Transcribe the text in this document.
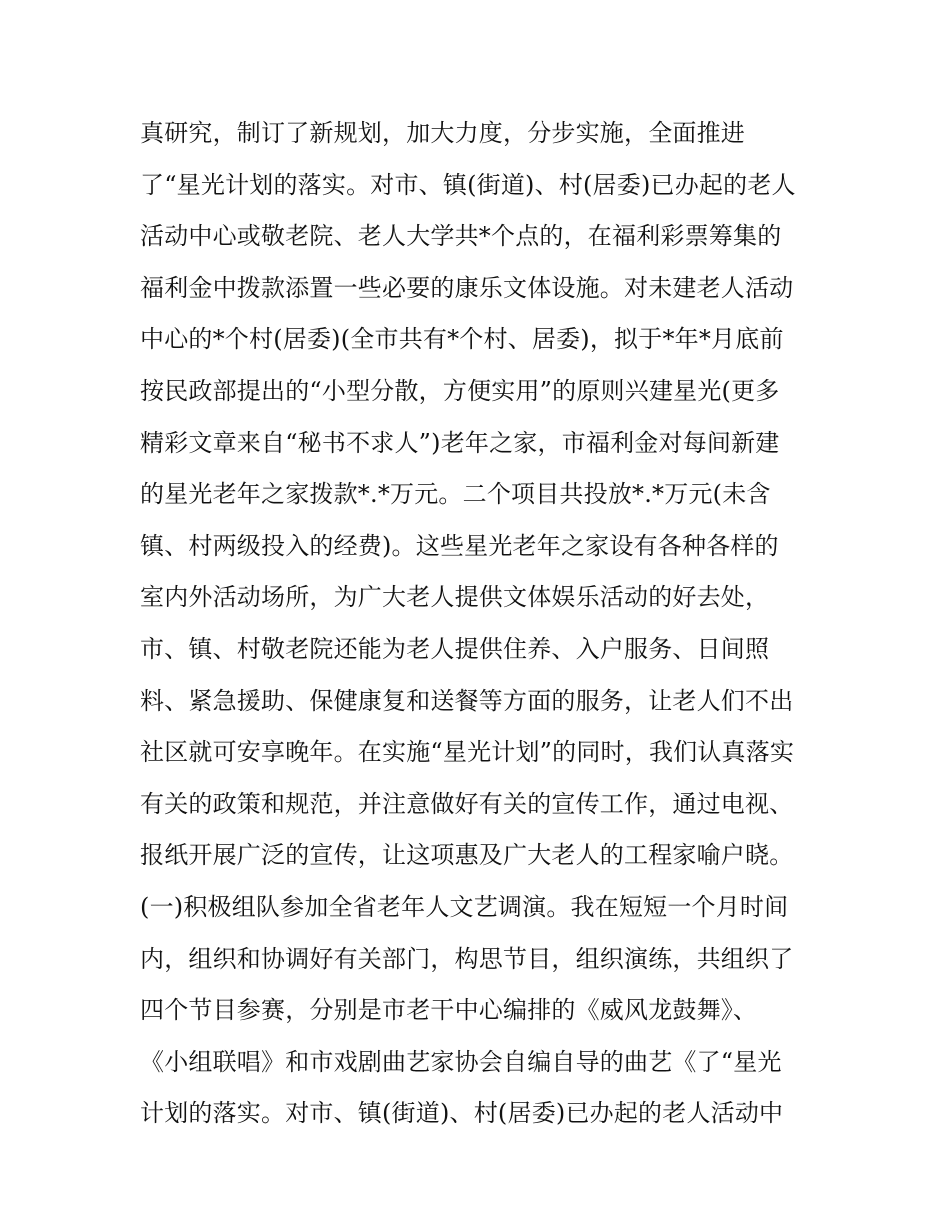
真研究，制订了新规划，加大力度，分步实施，全面推进
了“星光计划的落实。对市、镇(街道)、村(居委)已办起的老人
活动中心或敬老院、老人大学共*个点的，在福利彩票筹集的
福利金中拨款添置一些必要的康乐文体设施。对未建老人活动
中心的*个村(居委)(全市共有*个村、居委)，拟于*年*月底前
按民政部提出的“小型分散，方便实用”的原则兴建星光(更多
精彩文章来自“秘书不求人”)老年之家，市福利金对每间新建
的星光老年之家拨款*.*万元。二个项目共投放*.*万元(未含
镇、村两级投入的经费)。这些星光老年之家设有各种各样的
室内外活动场所，为广大老人提供文体娱乐活动的好去处，
市、镇、村敬老院还能为老人提供住养、入户服务、日间照
料、紧急援助、保健康复和送餐等方面的服务，让老人们不出
社区就可安享晚年。在实施“星光计划”的同时，我们认真落实
有关的政策和规范，并注意做好有关的宣传工作，通过电视、
报纸开展广泛的宣传，让这项惠及广大老人的工程家喻户晓。
(一)积极组队参加全省老年人文艺调演。我在短短一个月时间
内，组织和协调好有关部门，构思节目，组织演练，共组织了
四个节目参赛，分别是市老干中心编排的《威风龙鼓舞》、
《小组联唱》和市戏剧曲艺家协会自编自导的曲艺《了“星光
计划的落实。对市、镇(街道)、村(居委)已办起的老人活动中
